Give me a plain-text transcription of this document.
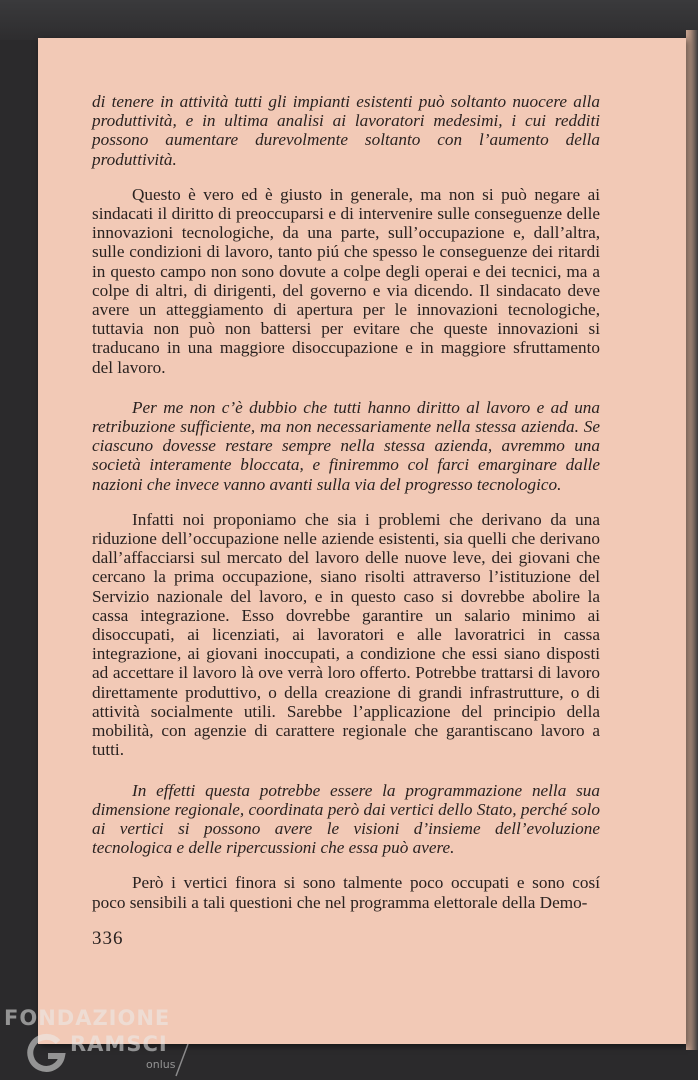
di tenere in attività tutti gli impianti esistenti può soltanto nuocere alla produttività, e in ultima analisi ai lavoratori medesimi, i cui redditi possono aumentare durevolmente soltanto con l’aumento della produttività.

Questo è vero ed è giusto in generale, ma non si può negare ai sindacati il diritto di preoccuparsi e di intervenire sulle conseguenze delle innovazioni tecnologiche, da una parte, sull’occupazione e, dall’altra, sulle condizioni di lavoro, tanto piú che spesso le conseguenze dei ritardi in questo campo non sono dovute a colpe degli operai e dei tecnici, ma a colpe di altri, di dirigenti, del governo e via dicendo. Il sindacato deve avere un atteggiamento di apertura per le innovazioni tecnologiche, tuttavia non può non battersi per evitare che queste innovazioni si traducano in una maggiore disoccupazione e in maggiore sfruttamento del lavoro.

Per me non c’è dubbio che tutti hanno diritto al lavoro e ad una retribuzione sufficiente, ma non necessariamente nella stessa azienda. Se ciascuno dovesse restare sempre nella stessa azienda, avremmo una società interamente bloccata, e finiremmo col farci emarginare dalle nazioni che invece vanno avanti sulla via del progresso tecnologico.

Infatti noi proponiamo che sia i problemi che derivano da una riduzione dell’occupazione nelle aziende esistenti, sia quelli che derivano dall’affacciarsi sul mercato del lavoro delle nuove leve, dei giovani che cercano la prima occupazione, siano risolti attraverso l’istituzione del Servizio nazionale del lavoro, e in questo caso si dovrebbe abolire la cassa integrazione. Esso dovrebbe garantire un salario minimo ai disoccupati, ai licenziati, ai lavoratori e alle lavoratrici in cassa integrazione, ai giovani inoccupati, a condizione che essi siano disposti ad accettare il lavoro là ove verrà loro offerto. Potrebbe trattarsi di lavoro direttamente produttivo, o della creazione di grandi infrastrutture, o di attività socialmente utili. Sarebbe l’applicazione del principio della mobilità, con agenzie di carattere regionale che garantiscano lavoro a tutti.

In effetti questa potrebbe essere la programmazione nella sua dimensione regionale, coordinata però dai vertici dello Stato, perché solo ai vertici si possono avere le visioni d’insieme dell’evoluzione tecnologica e delle ripercussioni che essa può avere.

Però i vertici finora si sono talmente poco occupati e sono cosí poco sensibili a tali questioni che nel programma elettorale della Demo-

336
FONDAZIONE
RAMSCI
onlus
